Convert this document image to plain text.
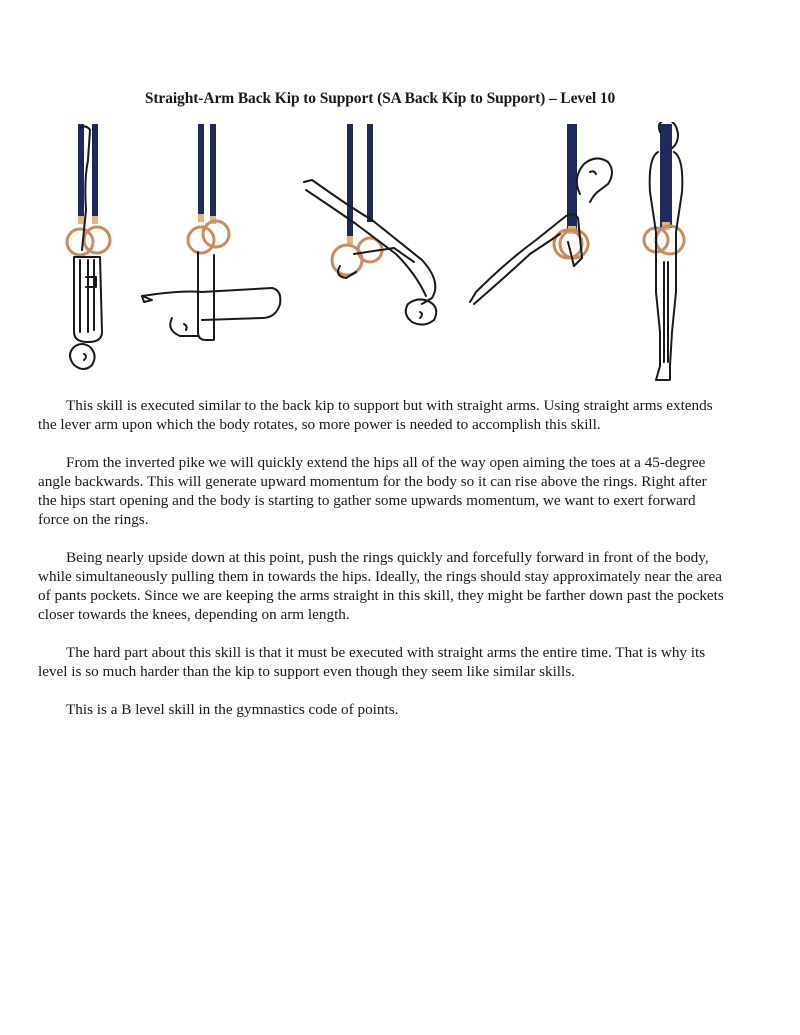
Straight-Arm Back Kip to Support (SA Back Kip to Support) – Level 10

This skill is executed similar to the back kip to support but with straight arms. Using straight arms extends the lever arm upon which the body rotates, so more power is needed to accomplish this skill.

From the inverted pike we will quickly extend the hips all of the way open aiming the toes at a 45-degree angle backwards. This will generate upward momentum for the body so it can rise above the rings. Right after the hips start opening and the body is starting to gather some upwards momentum, we want to exert forward force on the rings.

Being nearly upside down at this point, push the rings quickly and forcefully forward in front of the body, while simultaneously pulling them in towards the hips. Ideally, the rings should stay approximately near the area of pants pockets. Since we are keeping the arms straight in this skill, they might be farther down past the pockets closer towards the knees, depending on arm length.

The hard part about this skill is that it must be executed with straight arms the entire time. That is why its level is so much harder than the kip to support even though they seem like similar skills.

This is a B level skill in the gymnastics code of points.
